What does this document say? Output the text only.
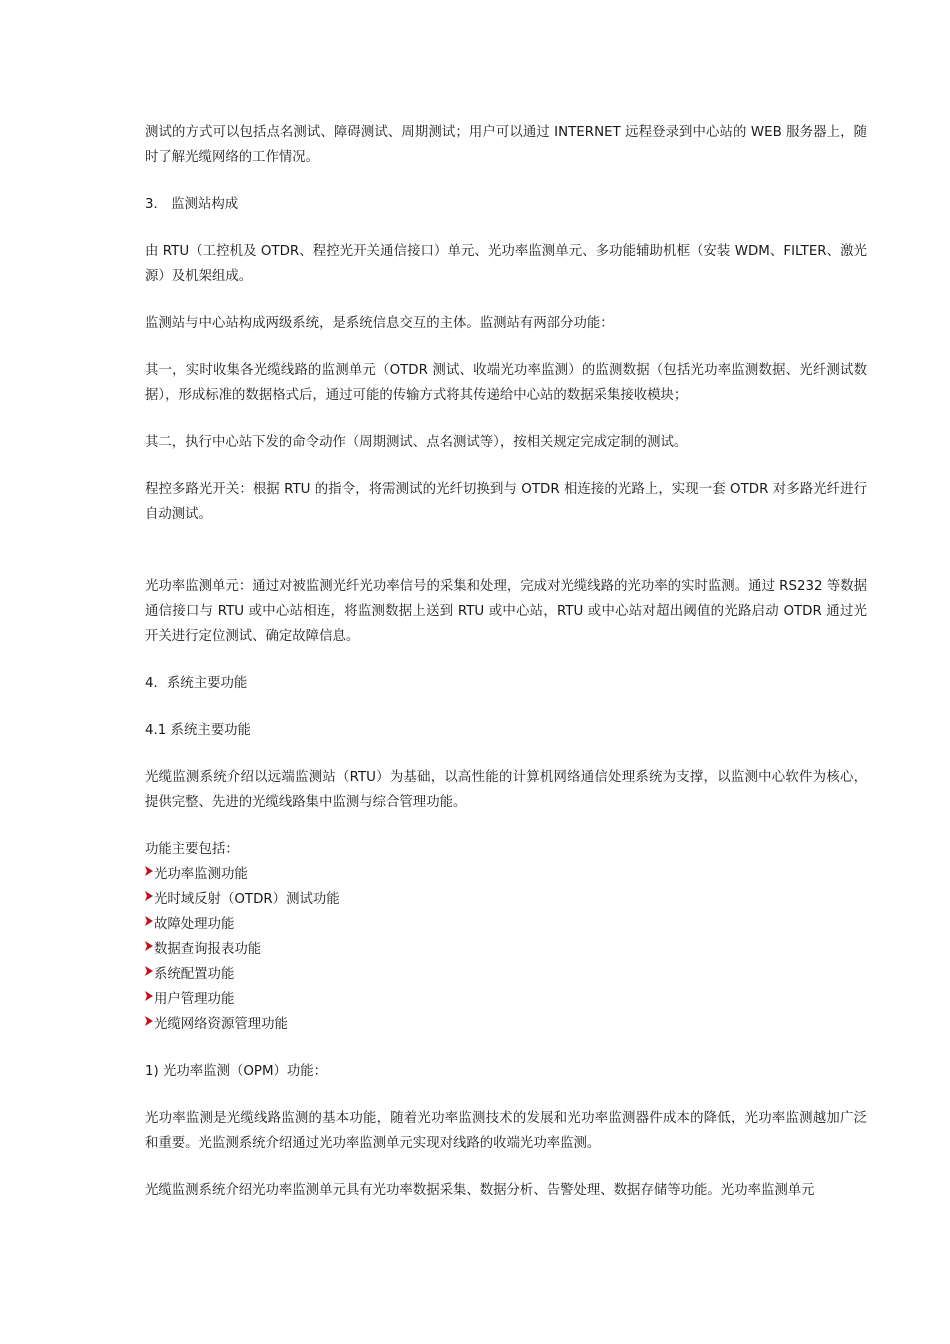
测试的方式可以包括点名测试、障碍测试、周期测试；用户可以通过 INTERNET 远程登录到中心站的 WEB 服务器上，随时了解光缆网络的工作情况。

3． 监测站构成

由 RTU（工控机及 OTDR、程控光开关通信接口）单元、光功率监测单元、多功能辅助机框（安装 WDM、FILTER、激光源）及机架组成。

监测站与中心站构成两级系统，是系统信息交互的主体。监测站有两部分功能：

其一，实时收集各光缆线路的监测单元（OTDR 测试、收端光功率监测）的监测数据（包括光功率监测数据、光纤测试数据），形成标准的数据格式后，通过可能的传输方式将其传递给中心站的数据采集接收模块；

其二，执行中心站下发的命令动作（周期测试、点名测试等），按相关规定完成定制的测试。

程控多路光开关：根据 RTU 的指令，将需测试的光纤切换到与 OTDR 相连接的光路上，实现一套 OTDR 对多路光纤进行自动测试。

光功率监测单元：通过对被监测光纤光功率信号的采集和处理，完成对光缆线路的光功率的实时监测。通过 RS232 等数据通信接口与 RTU 或中心站相连，将监测数据上送到 RTU 或中心站，RTU 或中心站对超出阈值的光路启动 OTDR 通过光开关进行定位测试、确定故障信息。

4．系统主要功能

4.1 系统主要功能

光缆监测系统介绍以远端监测站（RTU）为基础，以高性能的计算机网络通信处理系统为支撑，以监测中心软件为核心，提供完整、先进的光缆线路集中监测与综合管理功能。

功能主要包括：

光功率监测功能
光时域反射（OTDR）测试功能
故障处理功能
数据查询报表功能
系统配置功能
用户管理功能
光缆网络资源管理功能

1) 光功率监测（OPM）功能：

光功率监测是光缆线路监测的基本功能，随着光功率监测技术的发展和光功率监测器件成本的降低，光功率监测越加广泛和重要。光监测系统介绍通过光功率监测单元实现对线路的收端光功率监测。

光缆监测系统介绍光功率监测单元具有光功率数据采集、数据分析、告警处理、数据存储等功能。光功率监测单元
